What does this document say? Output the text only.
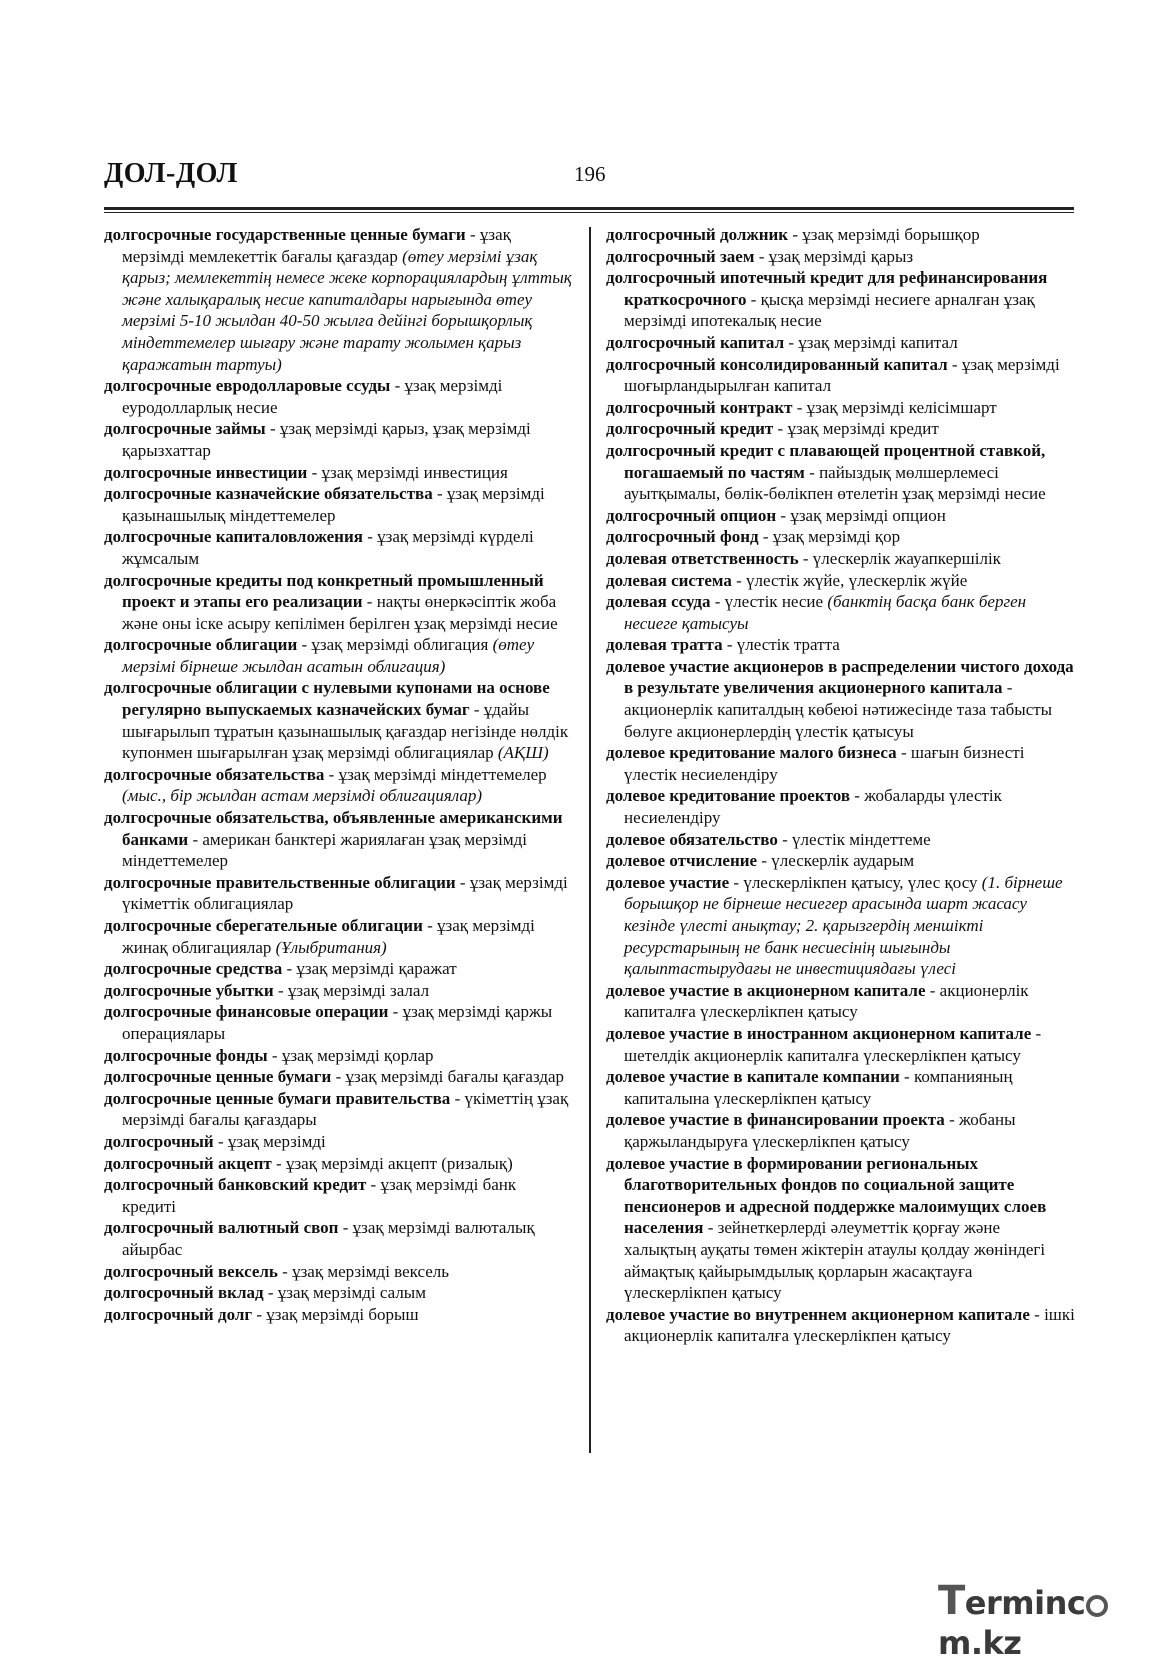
ДОЛ-ДОЛ	196

долгосрочные государственные ценные бумаги - ұзақ мерзімді мемлекеттік бағалы қағаздар (өтеу мерзімі ұзақ қарыз; мемлекеттің немесе жеке корпорациялардың ұлттық және халықаралық несие капиталдары нарығында өтеу мерзімі 5-10 жылдан 40-50 жылға дейінгі борышқорлық міндеттемелер шығару және тарату жолымен қарыз қаражатын тартуы)

долгосрочные евродолларовые ссуды - ұзақ мерзімді еуродолларлық несие

долгосрочные займы - ұзақ мерзімді қарыз, ұзақ мерзімді қарызхаттар

долгосрочные инвестиции - ұзақ мерзімді инвестиция

долгосрочные казначейские обязательства - ұзақ мерзімді қазынашылық міндеттемелер

долгосрочные капиталовложения - ұзақ мерзімді күрделі жұмсалым

долгосрочные кредиты под конкретный промышленный проект и этапы его реализации - нақты өнеркәсіптік жоба және оны іске асыру кепілімен берілген ұзақ мерзімді несие

долгосрочные облигации - ұзақ мерзімді облигация (өтеу мерзімі бірнеше жылдан асатын облигация)

долгосрочные облигации с нулевыми купонами на основе регулярно выпускаемых казначейских бумаг - ұдайы шығарылып тұратын қазынашылық қағаздар негізінде нөлдік купонмен шығарылған ұзақ мерзімді облигациялар (АҚШ)

долгосрочные обязательства - ұзақ мерзімді міндеттемелер (мыс., бір жылдан астам мерзімді облигациялар)

долгосрочные обязательства, объявленные американскими банками - американ банктері жариялаған ұзақ мерзімді міндеттемелер

долгосрочные правительственные облигации - ұзақ мерзімді үкіметтік облигациялар

долгосрочные сберегательные облигации - ұзақ мерзімді жинақ облигациялар (Ұлыбритания)

долгосрочные средства - ұзақ мерзімді қаражат

долгосрочные убытки - ұзақ мерзімді залал

долгосрочные финансовые операции - ұзақ мерзімді қаржы операциялары

долгосрочные фонды - ұзақ мерзімді қорлар

долгосрочные ценные бумаги - ұзақ мерзімді бағалы қағаздар

долгосрочные ценные бумаги правительства - үкіметтің ұзақ мерзімді бағалы қағаздары

долгосрочный - ұзақ мерзімді

долгосрочный акцепт - ұзақ мерзімді акцепт (ризалық)

долгосрочный банковский кредит - ұзақ мерзімді банк кредиті

долгосрочный валютный своп - ұзақ мерзімді валюталық айырбас

долгосрочный вексель - ұзақ мерзімді вексель

долгосрочный вклад - ұзақ мерзімді салым

долгосрочный долг - ұзақ мерзімді борыш

долгосрочный должник - ұзақ мерзімді борышқор

долгосрочный заем - ұзақ мерзімді қарыз

долгосрочный ипотечный кредит для рефинансирования краткосрочного - қысқа мерзімді несиеге арналған ұзақ мерзімді ипотекалық несие

долгосрочный капитал - ұзақ мерзімді капитал

долгосрочный консолидированный капитал - ұзақ мерзімді шоғырландырылған капитал

долгосрочный контракт - ұзақ мерзімді келісімшарт

долгосрочный кредит - ұзақ мерзімді кредит

долгосрочный кредит с плавающей процентной ставкой, погашаемый по частям - пайыздық мөлшерлемесі ауытқымалы, бөлік-бөлікпен өтелетін ұзақ мерзімді несие

долгосрочный опцион - ұзақ мерзімді опцион

долгосрочный фонд - ұзақ мерзімді қор

долевая ответственность - үлескерлік жауапкершілік

долевая система - үлестік жүйе, үлескерлік жүйе

долевая ссуда - үлестік несие (банктің басқа банк берген несиеге қатысуы

долевая тратта - үлестік тратта

долевое участие акционеров в распределении чистого дохода в результате увеличения акционерного капитала - акционерлік капиталдың көбеюі нәтижесінде таза табысты бөлуге акционерлердің үлестік қатысуы

долевое кредитование малого бизнеса - шағын бизнесті үлестік несиелендіру

долевое кредитование проектов - жобаларды үлестік несиелендіру

долевое обязательство - үлестік міндеттеме

долевое отчисление - үлескерлік аударым

долевое участие - үлескерлікпен қатысу, үлес қосу (1. бірнеше борышқор не бірнеше несиегер арасында шарт жасасу кезінде үлесті анықтау; 2. қарызгердің меншікті ресурстарының не банк несиесінің шығынды қалыптастырудағы не инвестициядағы үлесі

долевое участие в акционерном капитале - акционерлік капиталға үлескерлікпен қатысу

долевое участие в иностранном акционерном капитале - шетелдік акционерлік капиталға үлескерлікпен қатысу

долевое участие в капитале компании - компанияның капиталына үлескерлікпен қатысу

долевое участие в финансировании проекта - жобаны қаржыландыруға үлескерлікпен қатысу

долевое участие в формировании региональных благотворительных фондов по социальной защите пенсионеров и адресной поддержке малоимущих слоев населения - зейнеткерлерді әлеуметтік қорғау және халықтың ауқаты төмен жіктерін атаулы қолдау жөніндегі аймақтық қайырымдылық қорларын жасақтауға үлескерлікпен қатысу

долевое участие во внутреннем акционерном капитале - ішкі акционерлік капиталға үлескерлікпен қатысу

Termincm.kz
